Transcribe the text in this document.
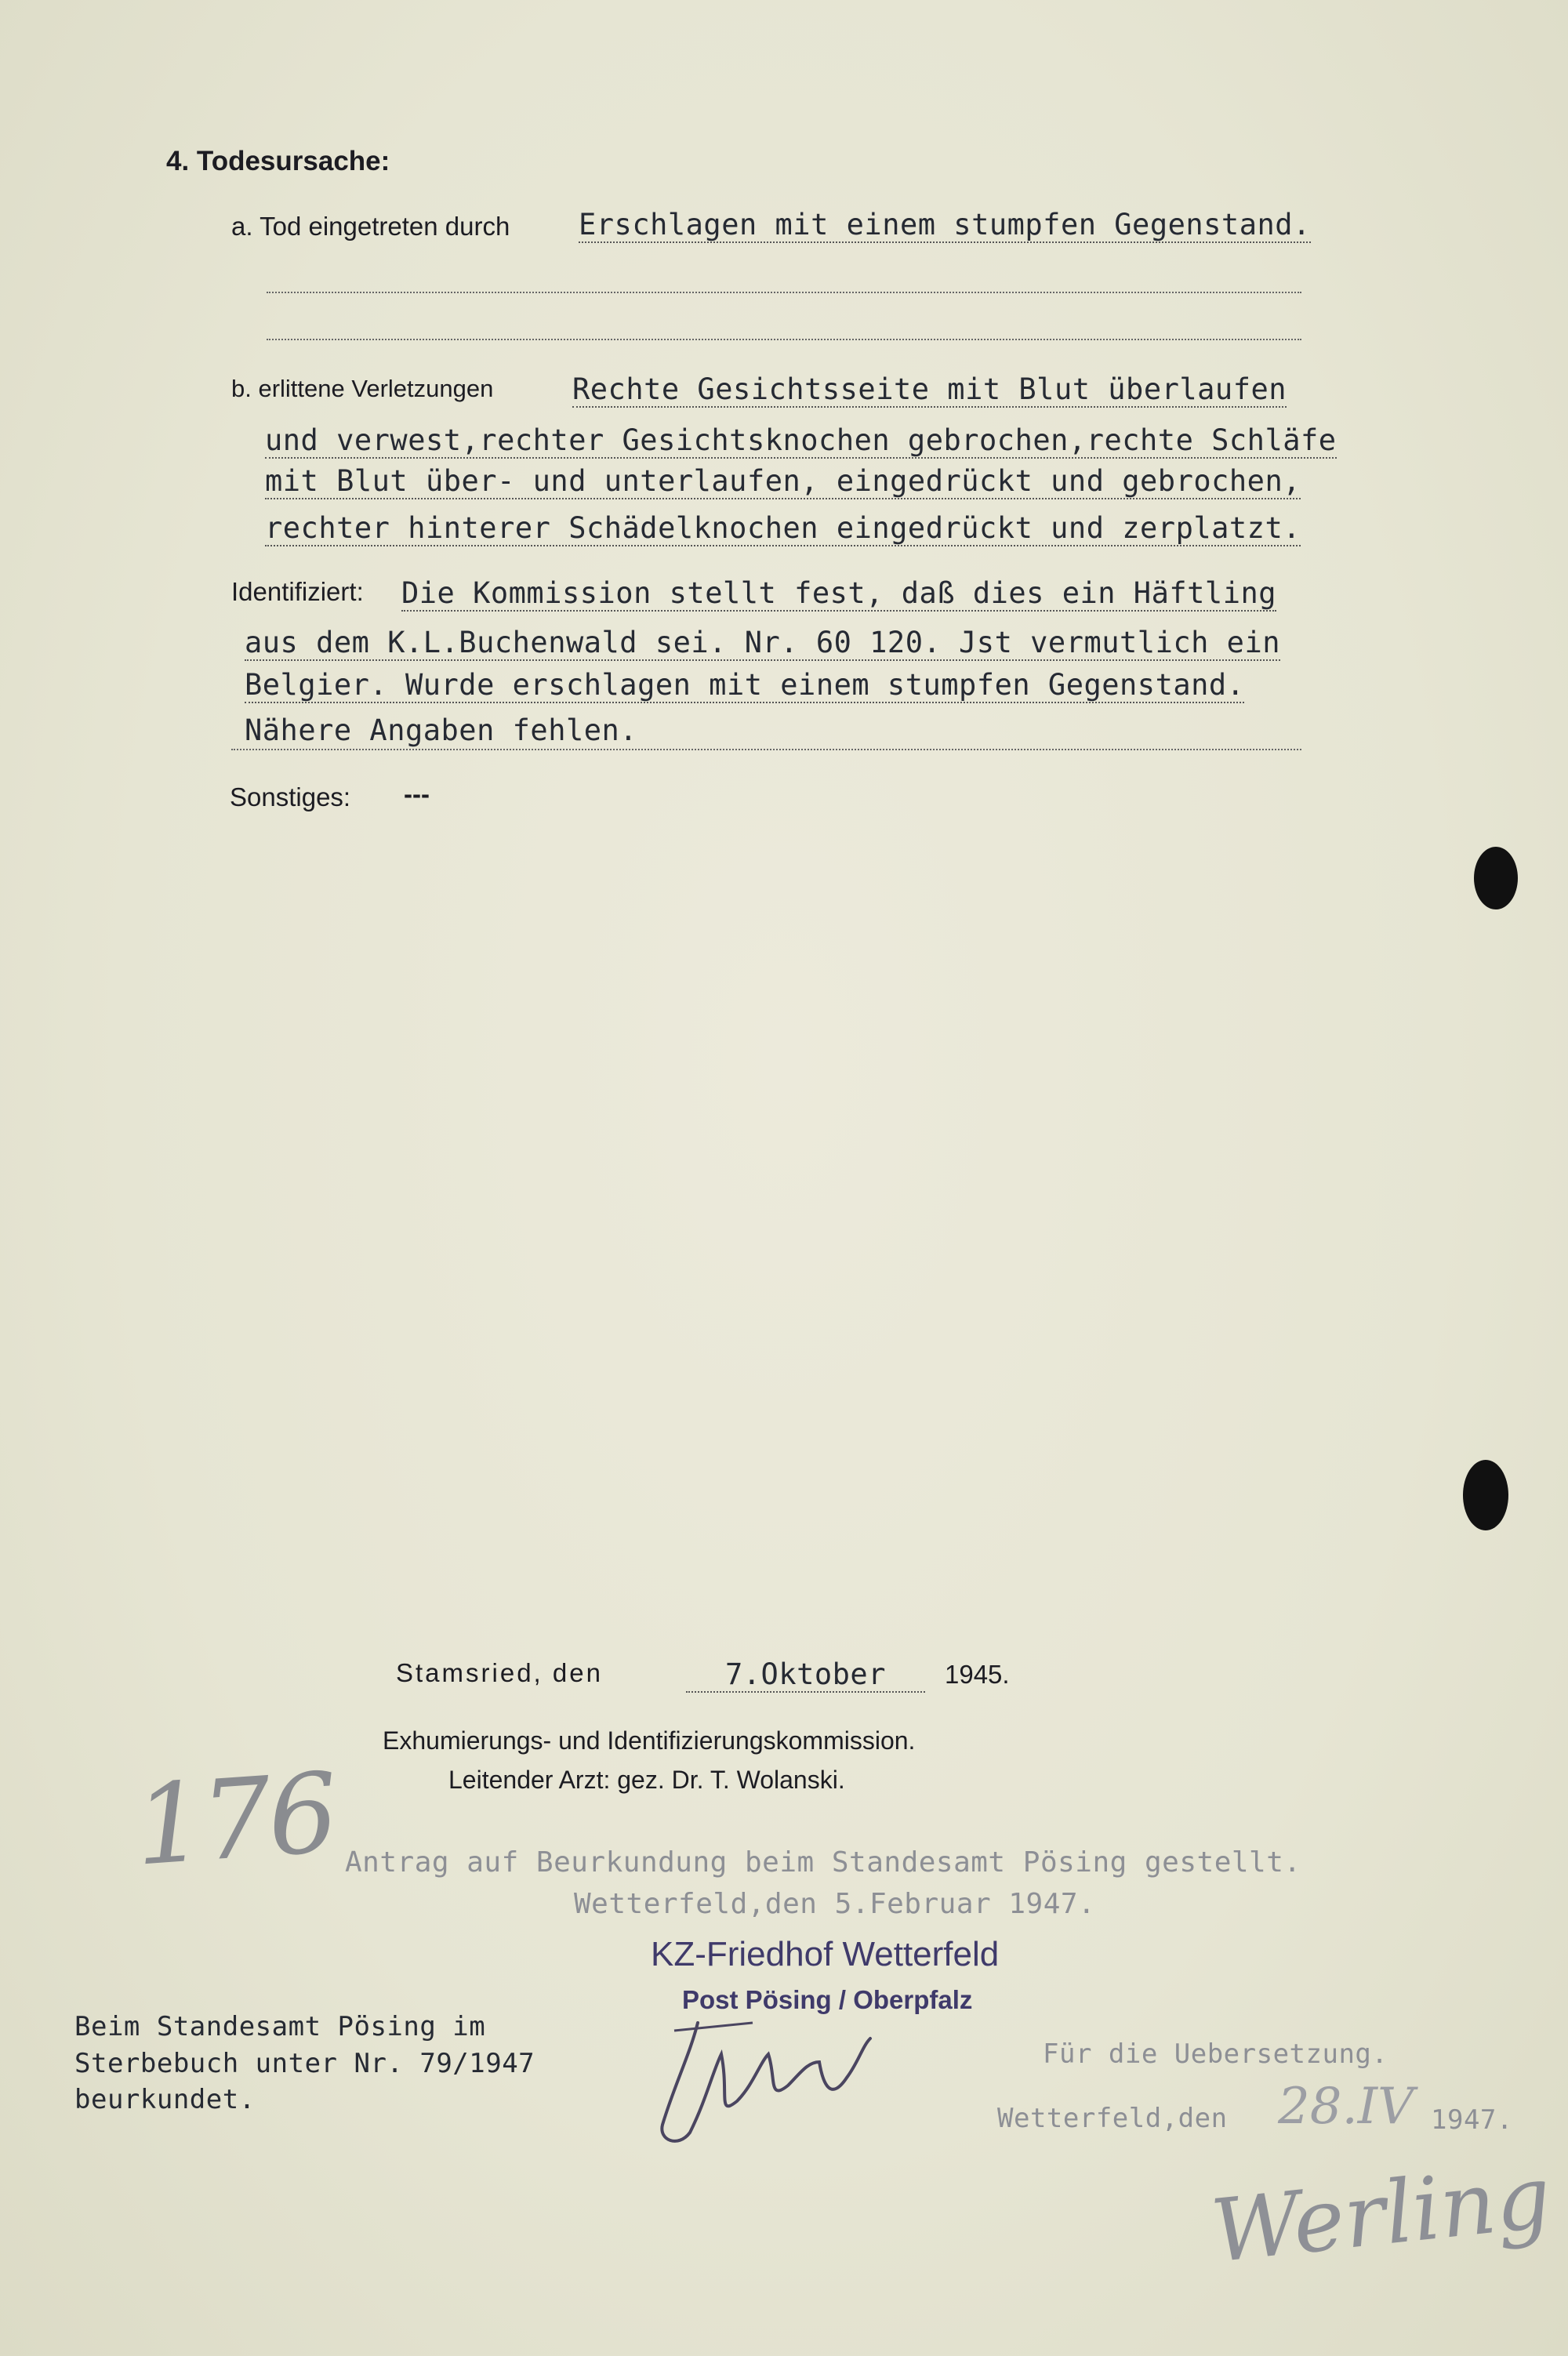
4. Todesursache:
a. Tod eingetreten durch Erschlagen mit einem stumpfen Gegenstand.
b. erlittene Verletzungen	Rechte Gesichtsseite mit Blut überlaufen
und verwest,rechter Gesichtsknochen gebrochen,rechte Schläfe
mit Blut über- und unterlaufen, eingedrückt und gebrochen,
rechter hinterer Schädelknochen eingedrückt und zerplatzt.
Identifiziert: Die Kommission stellt fest, daß dies ein Häftling
aus dem K.L.Buchenwald sei. Nr. 60 120. Jst vermutlich ein
Belgier. Wurde erschlagen mit einem stumpfen Gegenstand.
Nähere Angaben fehlen.
Sonstiges: ---
Stamsried, den	7.Oktober	1945.
Exhumierungs- und Identifizierungskommission.
Leitender Arzt: gez. Dr. T. Wolanski.
176 Antrag auf Beurkundung beim Standesamt Pösing gestellt.
Wetterfeld,den 5.Februar 1947.
KZ-Friedhof Wetterfeld
Post Pösing / Oberpfalz
Beim Standesamt Pösing im
Sterbebuch unter Nr. 79/1947
beurkundet.
Für die Uebersetzung.
Wetterfeld,den 28.IV 1947.
Werling
